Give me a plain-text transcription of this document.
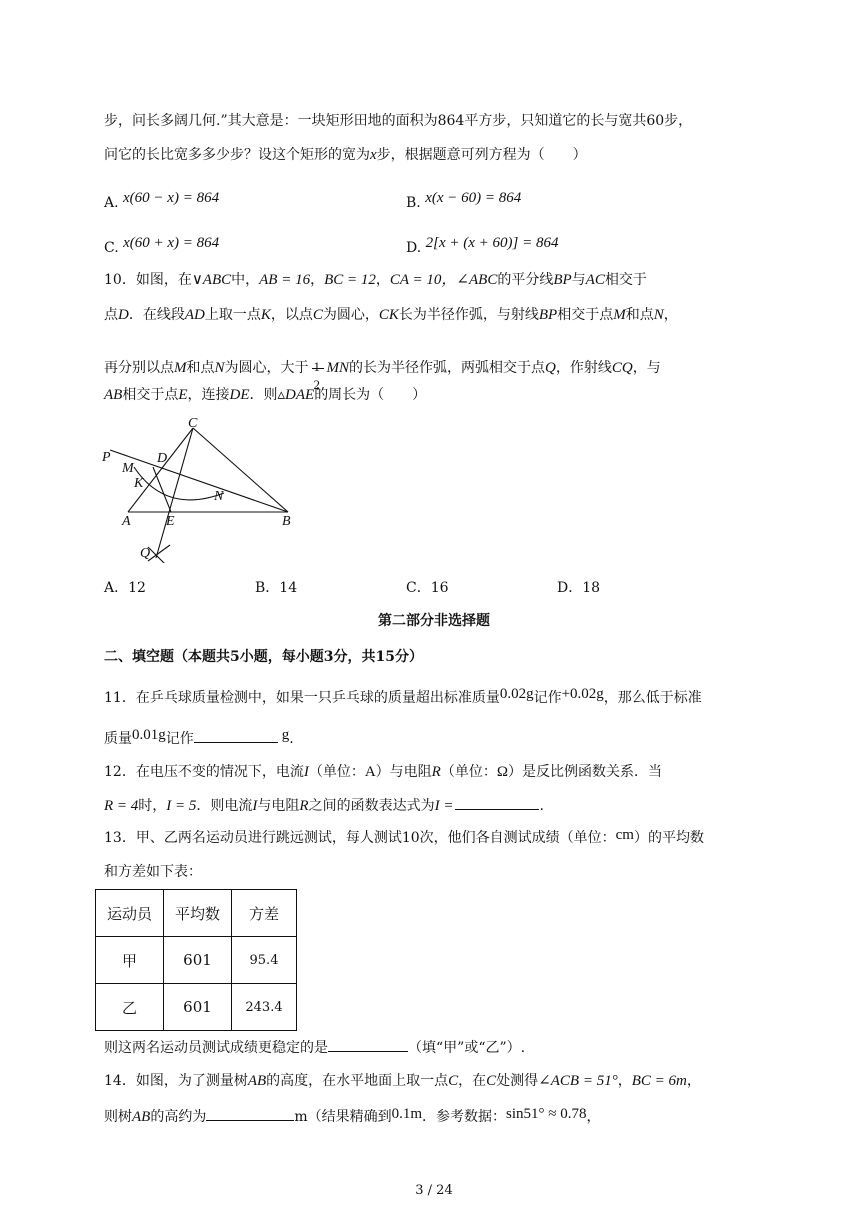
步，问长多阔几何.”其大意是：一块矩形田地的面积为864平方步，只知道它的长与宽共60步，
问它的长比宽多多少步？设这个矩形的宽为x步，根据题意可列方程为（　　）
A. x(60 − x) = 864	B. x(x − 60) = 864
C. x(60 + x) = 864	D. 2[x + (x + 60)] = 864
10．如图，在∨ABC中，AB = 16，BC = 12，CA = 10，∠ABC的平分线BP与AC相交于
点D．在线段AD上取一点K，以点C为圆心，CK长为半径作弧，与射线BP相交于点M和点N，
再分别以点M和点N为圆心，大于 1
2
MN的长为半径作弧，两弧相交于点Q，作射线CQ，与
AB相交于点E，连接DE．则▵DAE的周长为（　　）
C
P
M
D
K
N
A	E	B
Q
A．12	B．14	C．16	D．18
第二部分非选择题
二、填空题（本题共5小题，每小题3分，共15分）
11．在乒乓球质量检测中，如果一只乒乓球的质量超出标准质量0.02g记作+0.02g，那么低于标准
质量0.01g记作	g.
12．在电压不变的情况下，电流I（单位：A）与电阻R（单位：Ω）是反比例函数关系．当
R = 4时，I = 5．则电流I与电阻R之间的函数表达式为I =	.
13．甲、乙两名运动员进行跳远测试，每人测试10次，他们各自测试成绩（单位：cm）的平均数
和方差如下表：
运动员	平均数	方差
甲	601	95.4
乙	601	243.4
则这两名运动员测试成绩更稳定的是	（填“甲”或“乙”）.
14．如图，为了测量树AB的高度，在水平地面上取一点C，在C处测得∠ACB = 51°，BC = 6m，
则树AB的高约为	m（结果精确到0.1m．参考数据：sin51° ≈ 0.78，
3 / 24
